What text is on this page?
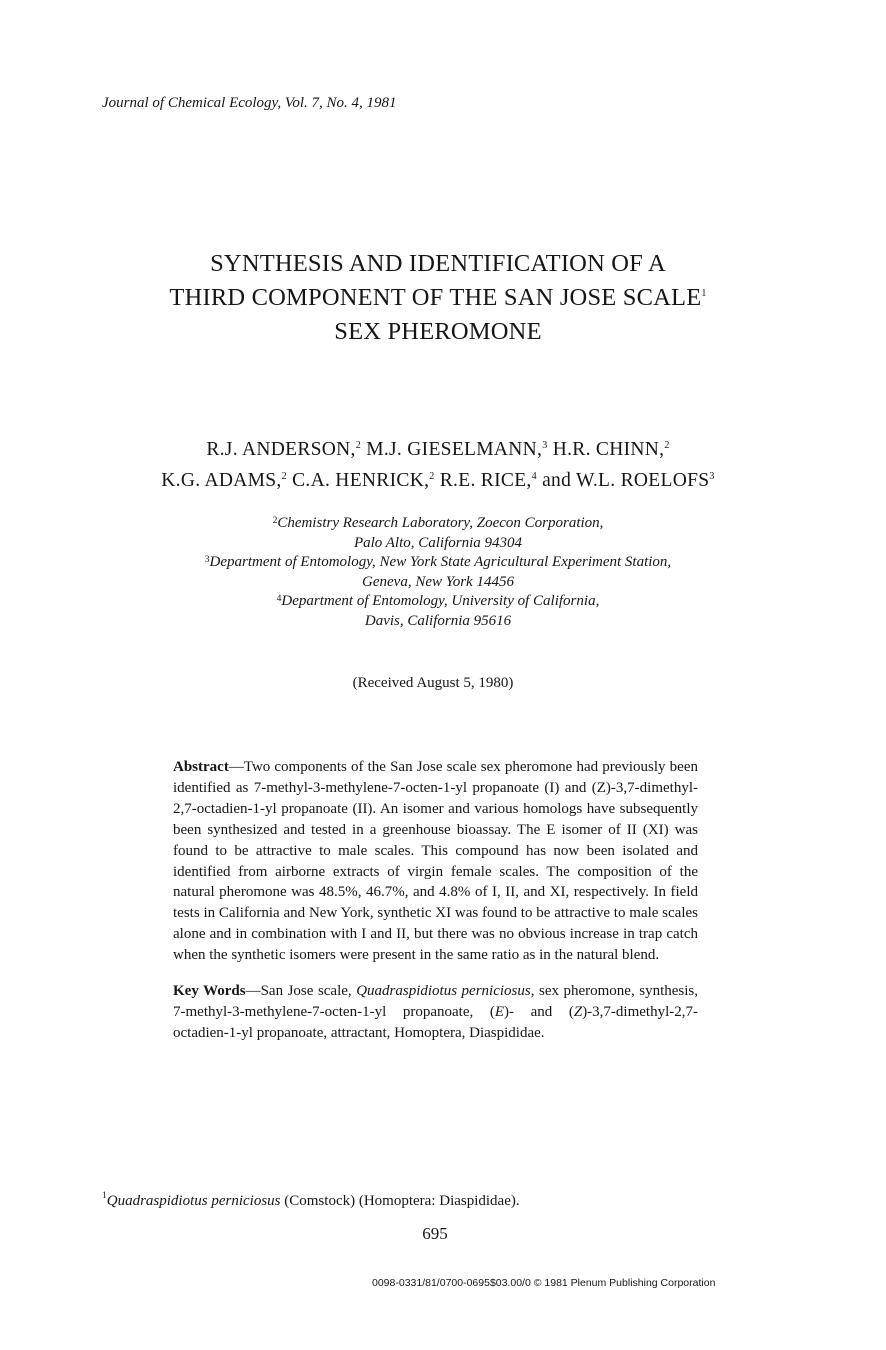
Journal of Chemical Ecology, Vol. 7, No. 4, 1981
SYNTHESIS AND IDENTIFICATION OF A
THIRD COMPONENT OF THE SAN JOSE SCALE$^1$
SEX PHEROMONE
R.J. ANDERSON,$^2$ M.J. GIESELMANN,$^3$ H.R. CHINN,$^2$
K.G. ADAMS,$^2$ C.A. HENRICK,$^2$ R.E. RICE,$^4$ and W.L. ROELOFS$^3$
$^2$Chemistry Research Laboratory, Zoecon Corporation,
Palo Alto, California 94304
$^3$Department of Entomology, New York State Agricultural Experiment Station,
Geneva, New York 14456
$^4$Department of Entomology, University of California,
Davis, California 95616
(Received August 5, 1980)

Abstract—Two components of the San Jose scale sex pheromone had previously been identified as 7-methyl-3-methylene-7-octen-1-yl propanoate (I) and (Z)-3,7-dimethyl-2,7-octadien-1-yl propanoate (II). An isomer and various homologs have subsequently been synthesized and tested in a greenhouse bioassay. The E isomer of II (XI) was found to be attractive to male scales. This compound has now been isolated and identified from airborne extracts of virgin female scales. The composition of the natural pheromone was 48.5%, 46.7%, and 4.8% of I, II, and XI, respectively. In field tests in California and New York, synthetic XI was found to be attractive to male scales alone and in combination with I and II, but there was no obvious increase in trap catch when the synthetic isomers were present in the same ratio as in the natural blend.

Key Words—San Jose scale, Quadraspidiotus perniciosus, sex pheromone, synthesis, 7-methyl-3-methylene-7-octen-1-yl propanoate, (E)- and (Z)-3,7-dimethyl-2,7-octadien-1-yl propanoate, attractant, Homoptera, Diaspididae.

$^1$Quadraspidiotus perniciosus (Comstock) (Homoptera: Diaspididae).
695
0098-0331/81/0700-0695$03.00/0 © 1981 Plenum Publishing Corporation
